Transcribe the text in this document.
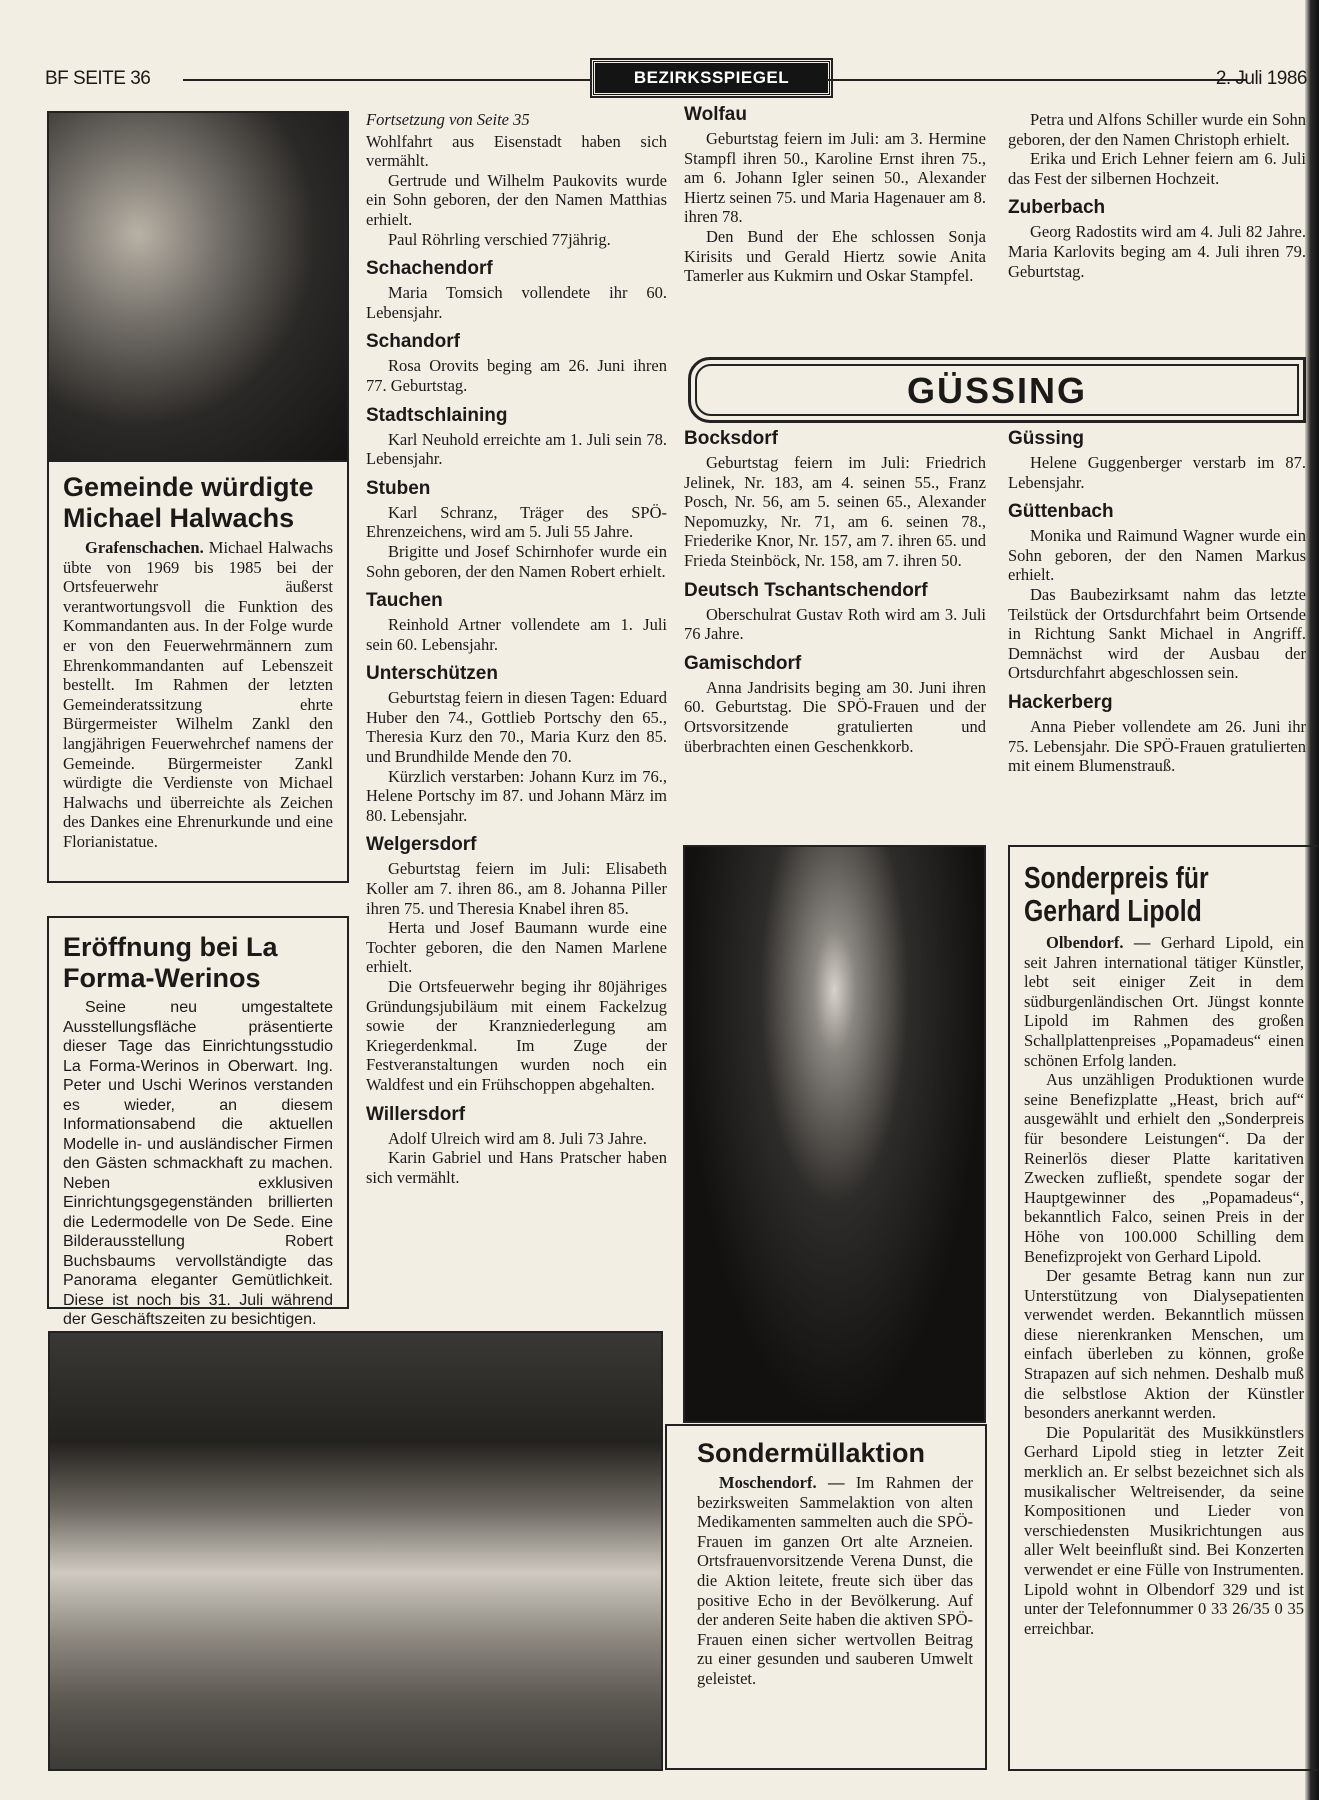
BF SEITE 36	BEZIRKSSPIEGEL	2. Juli 1986
Gemeinde würdigte Michael Halwachs

Grafenschachen. Michael Halwachs übte von 1969 bis 1985 bei der Ortsfeuerwehr äußerst verantwortungsvoll die Funktion des Kommandanten aus. In der Folge wurde er von den Feuerwehrmännern zum Ehrenkommandanten auf Lebenszeit bestellt. Im Rahmen der letzten Gemeinderatssitzung ehrte Bürgermeister Wilhelm Zankl den langjährigen Feuerwehrchef namens der Gemeinde. Bürgermeister Zankl würdigte die Verdienste von Michael Halwachs und überreichte als Zeichen des Dankes eine Ehrenurkunde und eine Florianistatue.

Eröffnung bei La Forma-Werinos

Seine neu umgestaltete Ausstellungsfläche präsentierte dieser Tage das Einrichtungsstudio La Forma-Werinos in Oberwart. Ing. Peter und Uschi Werinos verstanden es wieder, an diesem Informationsabend die aktuellen Modelle in- und ausländischer Firmen den Gästen schmackhaft zu machen. Neben exklusiven Einrichtungsgegenständen brillierten die Ledermodelle von De Sede. Eine Bilderausstellung Robert Buchsbaums vervollständigte das Panorama eleganter Gemütlichkeit. Diese ist noch bis 31. Juli während der Geschäftszeiten zu besichtigen.

Fortsetzung von Seite 35

Wohlfahrt aus Eisenstadt haben sich vermählt.

Gertrude und Wilhelm Paukovits wurde ein Sohn geboren, der den Namen Matthias erhielt.

Paul Röhrling verschied 77jährig.

Schachendorf

Maria Tomsich vollendete ihr 60. Lebensjahr.

Schandorf

Rosa Orovits beging am 26. Juni ihren 77. Geburtstag.

Stadtschlaining

Karl Neuhold erreichte am 1. Juli sein 78. Lebensjahr.

Stuben

Karl Schranz, Träger des SPÖ-Ehrenzeichens, wird am 5. Juli 55 Jahre.

Brigitte und Josef Schirnhofer wurde ein Sohn geboren, der den Namen Robert erhielt.

Tauchen

Reinhold Artner vollendete am 1. Juli sein 60. Lebensjahr.

Unterschützen

Geburtstag feiern in diesen Tagen: Eduard Huber den 74., Gottlieb Portschy den 65., Theresia Kurz den 70., Maria Kurz den 85. und Brundhilde Mende den 70.

Kürzlich verstarben: Johann Kurz im 76., Helene Portschy im 87. und Johann März im 80. Lebensjahr.

Welgersdorf

Geburtstag feiern im Juli: Elisabeth Koller am 7. ihren 86., am 8. Johanna Piller ihren 75. und Theresia Knabel ihren 85.

Herta und Josef Baumann wurde eine Tochter geboren, die den Namen Marlene erhielt.

Die Ortsfeuerwehr beging ihr 80jähriges Gründungsjubiläum mit einem Fackelzug sowie der Kranzniederlegung am Kriegerdenkmal. Im Zuge der Festveranstaltungen wurden noch ein Waldfest und ein Frühschoppen abgehalten.

Willersdorf

Adolf Ulreich wird am 8. Juli 73 Jahre.

Karin Gabriel und Hans Pratscher haben sich vermählt.

Wolfau

Geburtstag feiern im Juli: am 3. Hermine Stampfl ihren 50., Karoline Ernst ihren 75., am 6. Johann Igler seinen 50., Alexander Hiertz seinen 75. und Maria Hagenauer am 8. ihren 78.

Den Bund der Ehe schlossen Sonja Kirisits und Gerald Hiertz sowie Anita Tamerler aus Kukmirn und Oskar Stampfel.

Petra und Alfons Schiller wurde ein Sohn geboren, der den Namen Christoph erhielt.

Erika und Erich Lehner feiern am 6. Juli das Fest der silbernen Hochzeit.

Zuberbach

Georg Radostits wird am 4. Juli 82 Jahre. Maria Karlovits beging am 4. Juli ihren 79. Geburtstag.

GÜSSING
Bocksdorf

Geburtstag feiern im Juli: Friedrich Jelinek, Nr. 183, am 4. seinen 55., Franz Posch, Nr. 56, am 5. seinen 65., Alexander Nepomuzky, Nr. 71, am 6. seinen 78., Friederike Knor, Nr. 157, am 7. ihren 65. und Frieda Steinböck, Nr. 158, am 7. ihren 50.

Deutsch Tschantschendorf

Oberschulrat Gustav Roth wird am 3. Juli 76 Jahre.

Gamischdorf

Anna Jandrisits beging am 30. Juni ihren 60. Geburtstag. Die SPÖ-Frauen und der Ortsvorsitzende gratulierten und überbrachten einen Geschenkkorb.

Güssing

Helene Guggenberger verstarb im 87. Lebensjahr.

Güttenbach

Monika und Raimund Wagner wurde ein Sohn geboren, der den Namen Markus erhielt.

Das Baubezirksamt nahm das letzte Teilstück der Ortsdurchfahrt beim Ortsende in Richtung Sankt Michael in Angriff. Demnächst wird der Ausbau der Ortsdurchfahrt abgeschlossen sein.

Hackerberg

Anna Pieber vollendete am 26. Juni ihr 75. Lebensjahr. Die SPÖ-Frauen gratulierten mit einem Blumenstrauß.

Sondermüllaktion

Moschendorf. — Im Rahmen der bezirksweiten Sammelaktion von alten Medikamenten sammelten auch die SPÖ-Frauen im ganzen Ort alte Arzneien. Ortsfrauenvorsitzende Verena Dunst, die die Aktion leitete, freute sich über das positive Echo in der Bevölkerung. Auf der anderen Seite haben die aktiven SPÖ-Frauen einen sicher wertvollen Beitrag zu einer gesunden und sauberen Umwelt geleistet.

Sonderpreis für
Gerhard Lipold

Olbendorf. — Gerhard Lipold, ein seit Jahren international tätiger Künstler, lebt seit einiger Zeit in dem südburgenländischen Ort. Jüngst konnte Lipold im Rahmen des großen Schallplattenpreises „Popamadeus“ einen schönen Erfolg landen.

Aus unzähligen Produktionen wurde seine Benefizplatte „Heast, brich auf“ ausgewählt und erhielt den „Sonderpreis für besondere Leistungen“. Da der Reinerlös dieser Platte karitativen Zwecken zufließt, spendete sogar der Hauptgewinner des „Popamadeus“, bekanntlich Falco, seinen Preis in der Höhe von 100.000 Schilling dem Benefizprojekt von Gerhard Lipold.

Der gesamte Betrag kann nun zur Unterstützung von Dialysepatienten verwendet werden. Bekanntlich müssen diese nierenkranken Menschen, um einfach überleben zu können, große Strapazen auf sich nehmen. Deshalb muß die selbstlose Aktion der Künstler besonders anerkannt werden.

Die Popularität des Musikkünstlers Gerhard Lipold stieg in letzter Zeit merklich an. Er selbst bezeichnet sich als musikalischer Weltreisender, da seine Kompositionen und Lieder von verschiedensten Musikrichtungen aus aller Welt beeinflußt sind. Bei Konzerten verwendet er eine Fülle von Instrumenten. Lipold wohnt in Olbendorf 329 und ist unter der Telefonnummer 0 33 26/35 0 35 erreichbar.
